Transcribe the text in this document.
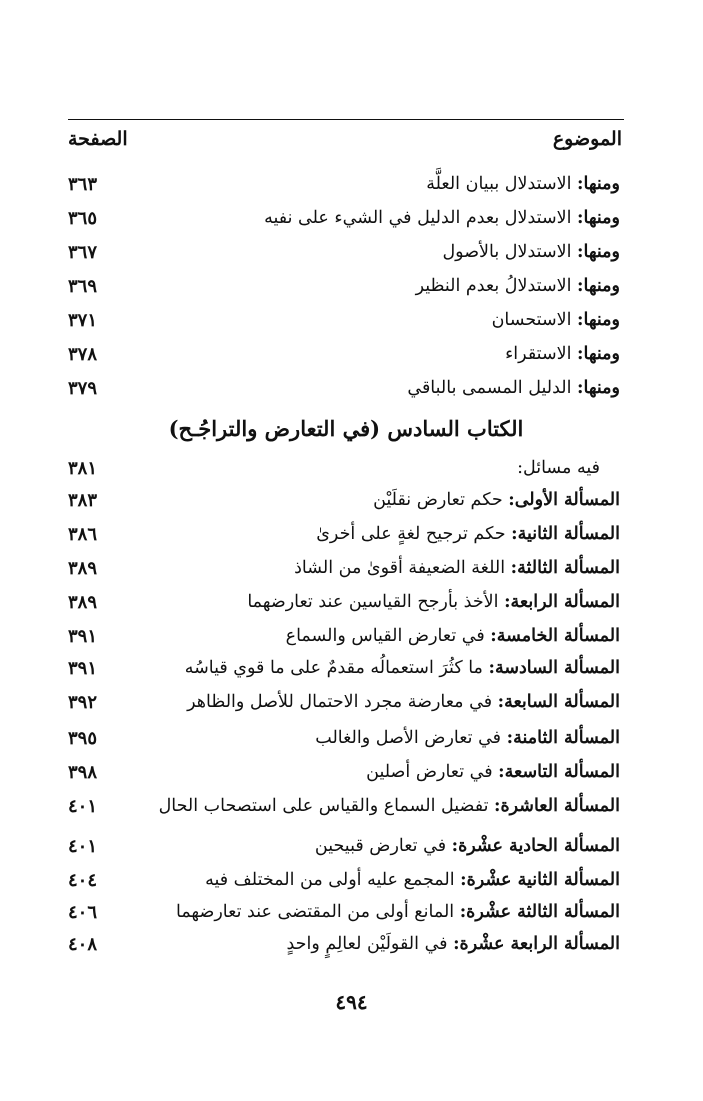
الموضوع
الصفحة
ومنها: الاستدلال ببيان العلَّة
٣٦٣
ومنها: الاستدلال بعدم الدليل في الشيء على نفيه
٣٦٥
ومنها: الاستدلال بالأصول
٣٦٧
ومنها: الاستدلالُ بعدم النظير
٣٦٩
ومنها: الاستحسان
٣٧١
ومنها: الاستقراء
٣٧٨
ومنها: الدليل المسمى بالباقي
٣٧٩
الكتاب السادس (في التعارض والتراجُـح)
فيه مسائل:
٣٨١
المسألة الأولى: حكم تعارض نقلَيْن
٣٨٣
المسألة الثانية: حكم ترجيح لغةٍ على أخرىٰ
٣٨٦
المسألة الثالثة: اللغة الضعيفة أقوىٰ من الشاذ
٣٨٩
المسألة الرابعة: الأخذ بأرجح القياسين عند تعارضهما
٣٨٩
المسألة الخامسة: في تعارض القياس والسماع
٣٩١
المسألة السادسة: ما كثُرَ استعمالُه مقدمٌ على ما قوي قياسُه
٣٩١
المسألة السابعة: في معارضة مجرد الاحتمال للأصل والظاهر
٣٩٢
المسألة الثامنة: في تعارض الأصل والغالب
٣٩٥
المسألة التاسعة: في تعارض أصلين
٣٩٨
المسألة العاشرة: تفضيل السماع والقياس على استصحاب الحال
٤٠١
المسألة الحادية عشْرة: في تعارض قبيحين
٤٠١
المسألة الثانية عشْرة: المجمع عليه أولى من المختلف فيه
٤٠٤
المسألة الثالثة عشْرة: المانع أولى من المقتضى عند تعارضهما
٤٠٦
المسألة الرابعة عشْرة: في القولَيْن لعالِمٍ واحدٍ
٤٠٨
٤٩٤
